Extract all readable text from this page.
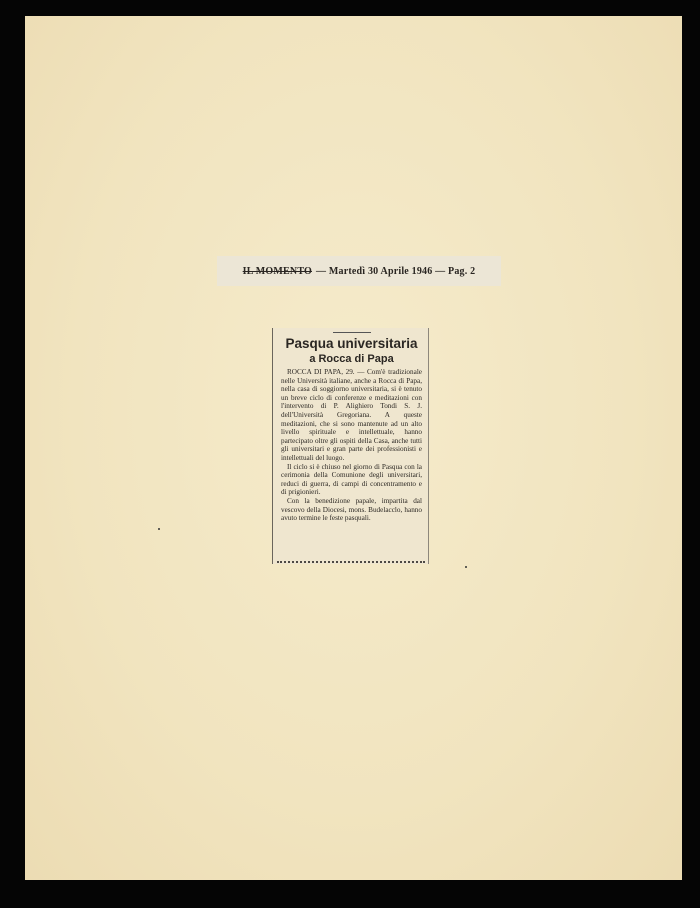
IL MOMENTO — Martedì 30 Aprile 1946 — Pag. 2
Pasqua universitaria
a Rocca di Papa

ROCCA DI PAPA, 29. — Com'è tradizionale nelle Università italiane, anche a Rocca di Papa, nella casa di soggiorno universitaria, si è tenuto un breve ciclo di conferenze e meditazioni con l'intervento di P. Alighiero Tondi S. J. dell'Università Gregoriana. A queste meditazioni, che si sono mantenute ad un alto livello spirituale e intellettuale, hanno partecipato oltre gli ospiti della Casa, anche tutti gli universitari e gran parte dei professionisti e intellettuali del luogo.

Il ciclo si è chiuso nel giorno di Pasqua con la cerimonia della Comunione degli universitari, reduci di guerra, di campi di concentramento e di prigionieri.

Con la benedizione papale, impartita dal vescovo della Diocesi, mons. Budelacclo, hanno avuto termine le feste pasquali.
